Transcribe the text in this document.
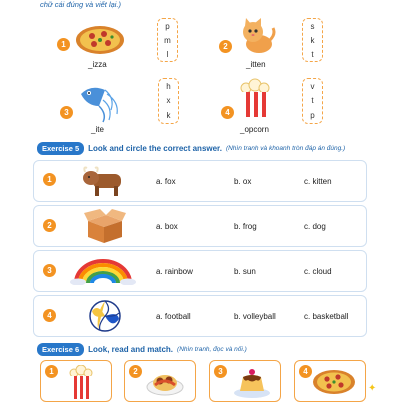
chữ cái đúng và viết lại.)
1
_izza
p
m
l
2
_itten
s
k
t
3
_ite
h
x
k	4
_opcorn
v
t
p
Exercise 5	Look and circle the correct answer. (Nhìn tranh và khoanh tròn đáp án đúng.)
1	a. fox	b. ox	c. kitten
2	a. box	b. frog	c. dog
3	a. rainbow	b. sun	c. cloud
4	a. football	b. volleyball	c. basketball
Exercise 6	Look, read and match. (Nhìn tranh, đọc và nối.)
1	2	3	4
✦
